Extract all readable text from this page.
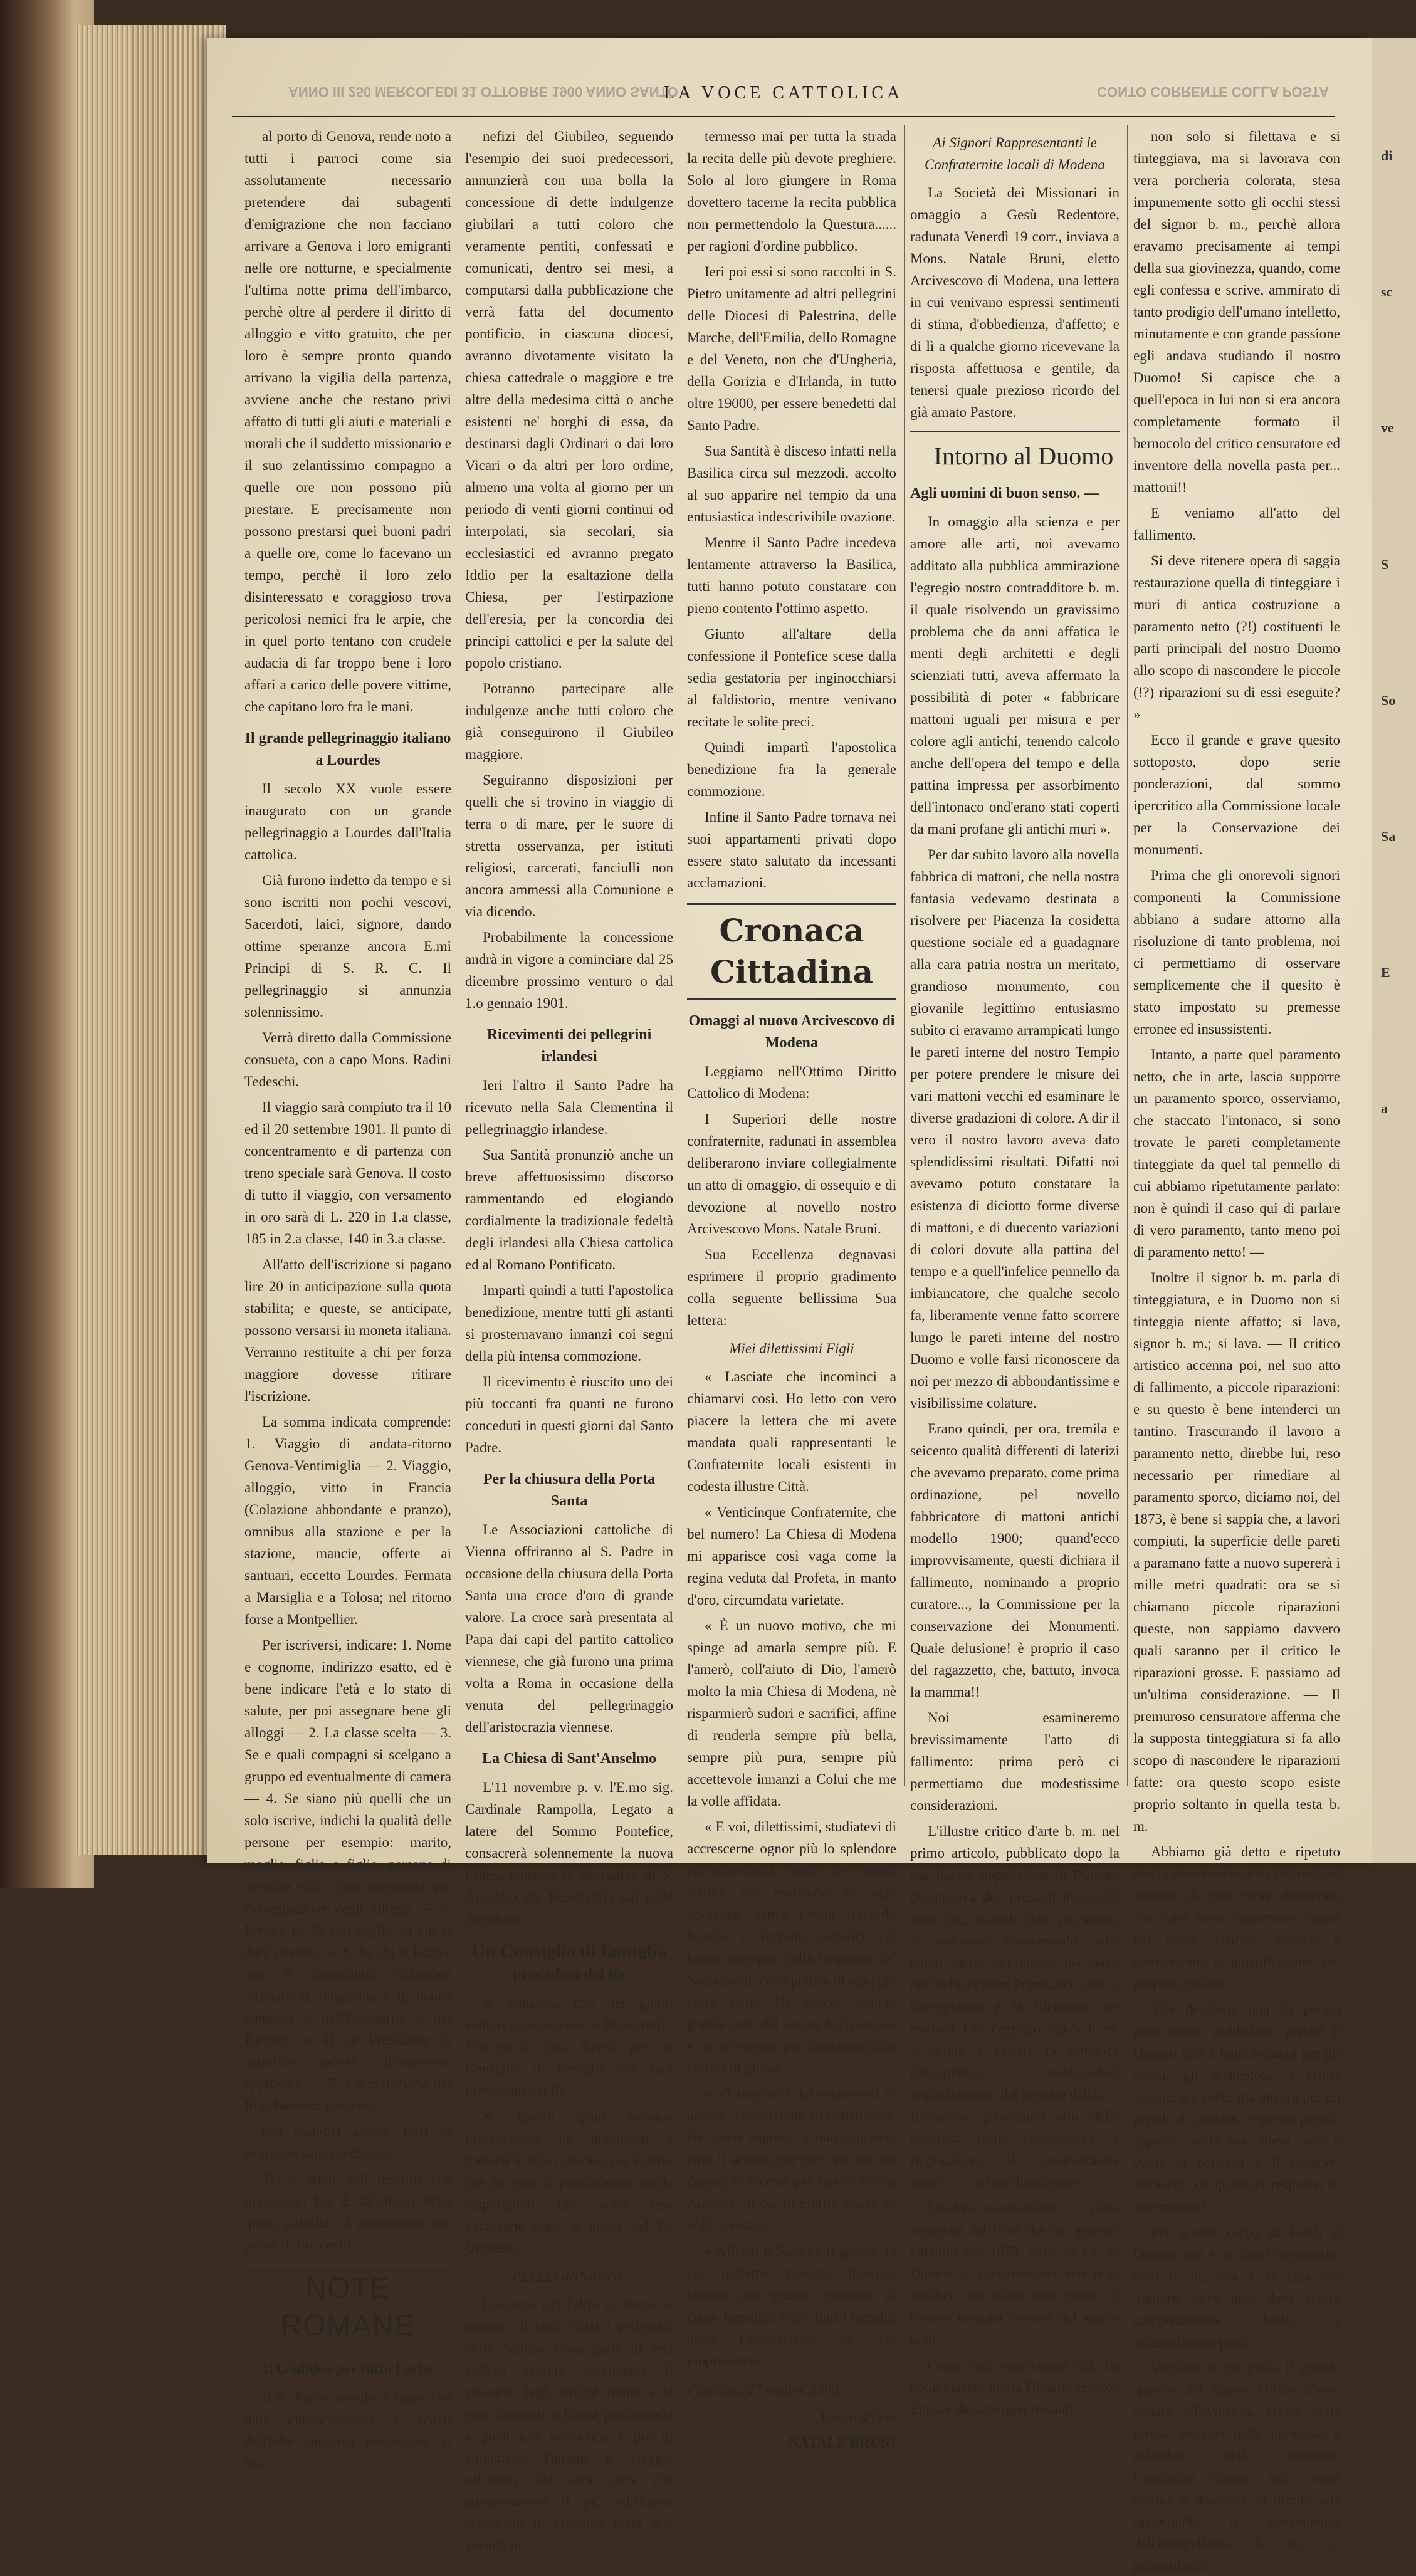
ANNO III 250 MERCOLEDI 31 OTTOBRE 1900 ANNO SANTO
LA VOCE CATTOLICA	CONTO CORRENTE COLLA POSTA

al porto di Genova, rende noto a tutti i parroci come sia assolutamente necessario pretendere dai subagenti d'emigrazione che non facciano arrivare a Genova i loro emigranti nelle ore notturne, e specialmente l'ultima notte prima dell'imbarco, perchè oltre al perdere il diritto di alloggio e vitto gratuito, che per loro è sempre pronto quando arrivano la vigilia della partenza, avviene anche che restano privi affatto di tutti gli aiuti e materiali e morali che il suddetto missionario e il suo zelantissimo compagno a quelle ore non possono più prestare. E precisamente non possono prestarsi quei buoni padri a quelle ore, come lo facevano un tempo, perchè il loro zelo disinteressato e coraggioso trova pericolosi nemici fra le arpie, che in quel porto tentano con crudele audacia di far troppo bene i loro affari a carico delle povere vittime, che capitano loro fra le mani.

Il grande pellegrinaggio italiano a Lourdes

Il secolo XX vuole essere inaugurato con un grande pellegrinaggio a Lourdes dall'Italia cattolica.

Già furono indetto da tempo e si sono iscritti non pochi vescovi, Sacerdoti, laici, signore, dando ottime speranze ancora E.mi Principi di S. R. C. Il pellegrinaggio si annunzia solennissimo.

Verrà diretto dalla Commissione consueta, con a capo Mons. Radini Tedeschi.

Il viaggio sarà compiuto tra il 10 ed il 20 settembre 1901. Il punto di concentramento e di partenza con treno speciale sarà Genova. Il costo di tutto il viaggio, con versamento in oro sarà di L. 220 in 1.a classe, 185 in 2.a classe, 140 in 3.a classe.

All'atto dell'iscrizione si pagano lire 20 in anticipazione sulla quota stabilita; e queste, se anticipate, possono versarsi in moneta italiana. Verranno restituite a chi per forza maggiore dovesse ritirare l'iscrizione.

La somma indicata comprende: 1. Viaggio di andata-ritorno Genova-Ventimiglia — 2. Viaggio, alloggio, vitto in Francia (Colazione abbondante e pranzo), omnibus alla stazione e per la stazione, mancie, offerte ai santuari, eccetto Lourdes. Fermata a Marsiglia e a Tolosa; nel ritorno forse a Montpellier.

Per iscriversi, indicare: 1. Nome e cognome, indirizzo esatto, ed è bene indicare l'età e lo stato di salute, per poi assegnare bene gli alloggi — 2. La classe scelta — 3. Se e quali compagni si scelgano a gruppo ed eventualmente di camera — 4. Se siano più quelli che un solo iscrive, indichi la qualità delle persone per esempio: marito, moglie, figlia o figlio, persone di servizio ecc., cosa necessaria per l'assegnazione degli alloggi — 5. Inviare L. 20 con vaglia, di cui si darà ricevuta — 6. Se chi si iscrive non è conosciuto, richiedesi attestato di religiosità e di buona condotta o dell'Ordinario, o del Parroco, o di un Presidente di cattolica società debitamente approvata — 7. L'accettazione del Regolamento consueto.

Col quindici agosto 1901 le iscrizioni saranno chiuse.

Tra i primi 150 inscritti che invieranno lire 2, all'infuori della quota stabilita, si estrarranno otto premi di lire cento.

NOTE ROMANE

Il Giubileo per tutto l'orbe

Il S. Padre avendo a cuore che tutti indistintamente i fedeli dell'orbe cattolico partecipino ai be-

nefizi del Giubileo, seguendo l'esempio dei suoi predecessori, annunzierà con una bolla la concessione di dette indulgenze giubilari a tutti coloro che veramente pentiti, confessati e comunicati, dentro sei mesi, a computarsi dalla pubblicazione che verrà fatta del documento pontificio, in ciascuna diocesi, avranno divotamente visitato la chiesa cattedrale o maggiore e tre altre della medesima città o anche esistenti ne' borghi di essa, da destinarsi dagli Ordinari o dai loro Vicari o da altri per loro ordine, almeno una volta al giorno per un periodo di venti giorni continui od interpolati, sia secolari, sia ecclesiastici ed avranno pregato Iddio per la esaltazione della Chiesa, per l'estirpazione dell'eresia, per la concordia dei principi cattolici e per la salute del popolo cristiano.

Potranno partecipare alle indulgenze anche tutti coloro che già conseguirono il Giubileo maggiore.

Seguiranno disposizioni per quelli che si trovino in viaggio di terra o di mare, per le suore di stretta osservanza, per istituti religiosi, carcerati, fanciulli non ancora ammessi alla Comunione e via dicendo.

Probabilmente la concessione andrà in vigore a cominciare dal 25 dicembre prossimo venturo o dal 1.o gennaio 1901.

Ricevimenti dei pellegrini irlandesi

Ieri l'altro il Santo Padre ha ricevuto nella Sala Clementina il pellegrinaggio irlandese.

Sua Santità pronunziò anche un breve affettuosissimo discorso rammentando ed elogiando cordialmente la tradizionale fedeltà degli irlandesi alla Chiesa cattolica ed al Romano Pontificato.

Impartì quindi a tutti l'apostolica benedizione, mentre tutti gli astanti si prosternavano innanzi coi segni della più intensa commozione.

Il ricevimento è riuscito uno dei più toccanti fra quanti ne furono conceduti in questi giorni dal Santo Padre.

Per la chiusura della Porta Santa

Le Associazioni cattoliche di Vienna offriranno al S. Padre in occasione della chiusura della Porta Santa una croce d'oro di grande valore. La croce sarà presentata al Papa dai capi del partito cattolico viennese, che già furono una prima volta a Roma in occasione della venuta del pellegrinaggio dell'aristocrazia viennese.

La Chiesa di Sant'Anselmo

L'11 novembre p. v. l'E.mo sig. Cardinale Rampolla, Legato a latere del Sommo Pontefice, consacrerà solennemente la nuova Chiesa annessa al Monastero di S. Anselmo dei Benedettini sul colle Aventino.

Un Consiglio di famiglia

presieduto dal Re

Si annuncia che nei giorni venturi si riuniranno in Roma tutti i Principi di Casa Savoia per un Consiglio di famiglia che sarà presieduto dal Re.

Si ignora quali saranno precisamente gli argomenti a trattarsi in tale riunione, ma è certo che in esso si prenderanno quelle disposizioni che sono rese necessarie dopo la morte del Re Umberto.

PELLEGRINAGGI.

Giunsero ieri l'altro in Roma in numero di circa 6000 i pellegrini della Sabina. Gran parte di essi vollero seguire fedelmente il costume degli antichi romei e si sono condotti a Roma percorrendo a piedi una sessantina e più di chilometri. Durante il viaggio offrirono alle varie terre che attraversarono il più edificante spettacolo di cristiana pietà non avendo in-

termesso mai per tutta la strada la recita delle più devote preghiere. Solo al loro giungere in Roma dovettero tacerne la recita pubblica non permettendolo la Questura...... per ragioni d'ordine pubblico.

Ieri poi essi si sono raccolti in S. Pietro unitamente ad altri pellegrini delle Diocesi di Palestrina, delle Marche, dell'Emilia, dello Romagne e del Veneto, non che d'Ungheria, della Gorizia e d'Irlanda, in tutto oltre 19000, per essere benedetti dal Santo Padre.

Sua Santità è disceso infatti nella Basilica circa sul mezzodì, accolto al suo apparire nel tempio da una entusiastica indescrivibile ovazione.

Mentre il Santo Padre incedeva lentamente attraverso la Basilica, tutti hanno potuto constatare con pieno contento l'ottimo aspetto.

Giunto all'altare della confessione il Pontefice scese dalla sedia gestatoria per inginocchiarsi al faldistorio, mentre venivano recitate le solite preci.

Quindi impartì l'apostolica benedizione fra la generale commozione.

Infine il Santo Padre tornava nei suoi appartamenti privati dopo essere stato salutato da incessanti acclamazioni.

Cronaca Cittadina

Omaggi al nuovo Arcivescovo di Modena

Leggiamo nell'Ottimo Diritto Cattolico di Modena:

I Superiori delle nostre confraternite, radunati in assemblea deliberarono inviare collegialmente un atto di omaggio, di ossequio e di devozione al novello nostro Arcivescovo Mons. Natale Bruni.

Sua Eccellenza degnavasi esprimere il proprio gradimento colla seguente bellissima Sua lettera:

Miei dilettissimi Figli

« Lasciate che incominci a chiamarvi così. Ho letto con vero piacere la lettera che mi avete mandata quali rappresentanti le Confraternite locali esistenti in codesta illustre Città.

« Venticinque Confraternite, che bel numero! La Chiesa di Modena mi apparisce così vaga come la regina veduta dal Profeta, in manto d'oro, circumdata varietate.

« È un nuovo motivo, che mi spinge ad amarla sempre più. E l'amerò, coll'aiuto di Dio, l'amerò molto la mia Chiesa di Modena, nè risparmierò sudori e sacrifici, affine di renderla sempre più bella, sempre più pura, sempre più accettevole innanzi a Colui che me la volle affidata.

« E voi, dilettissimi, studiatevi di accrescerne ognor più lo splendore coll'osservanza esatta dei vostri statuti; col mostrarvi in ogni occasione senza umani riguardi, franchi e ferventi cattolici col buono esempio, colla frequenza de' Sacramenti, colla pratica di ogni più bella virtù. Ne avrete sempre grande lode dal vostro Arcivescovo e ne riceverete poi immarcescibile corona di gloria.

« Vi ringrazio dei sentimenti di unione, venerazione ed obbedienza, che avete espressi a mio riguardo. Non li accetto per me; non ne son degno; li accetto per quella divina Autorità, di cui lo Spirito Santo mi volle rivestire.

« Affretti il Signore il giorno, in cui potremo trovarci insieme. Intanto con grande effusione di cuore benedico voi e tutti i membri delle Confraternite da voi rappresentate.

Piacenza, 27 ottobre 1900.

Vostro aff.mo

NATALE BRUNI

Ai Signori Rappresentanti le Confraternite locali di Modena

La Società dei Missionari in omaggio a Gesù Redentore, radunata Venerdì 19 corr., inviava a Mons. Natale Bruni, eletto Arcivescovo di Modena, una lettera in cui venivano espressi sentimenti di stima, d'obbedienza, d'affetto; e di lì a qualche giorno ricevevane la risposta affettuosa e gentile, da tenersi quale prezioso ricordo del già amato Pastore.

Intorno al Duomo

Agli uomini di buon senso. —

In omaggio alla scienza e per amore alle arti, noi avevamo additato alla pubblica ammirazione l'egregio nostro contradditore b. m. il quale risolvendo un gravissimo problema che da anni affatica le menti degli architetti e degli scienziati tutti, aveva affermato la possibilità di poter « fabbricare mattoni uguali per misura e per colore agli antichi, tenendo calcolo anche dell'opera del tempo e della pattina impressa per assorbimento dell'intonaco ond'erano stati coperti da mani profane gli antichi muri ».

Per dar subito lavoro alla novella fabbrica di mattoni, che nella nostra fantasia vedevamo destinata a risolvere per Piacenza la cosidetta questione sociale ed a guadagnare alla cara patria nostra un meritato, grandioso monumento, con giovanile legittimo entusiasmo subito ci eravamo arrampicati lungo le pareti interne del nostro Tempio per potere prendere le misure dei vari mattoni vecchi ed esaminare le diverse gradazioni di colore. A dir il vero il nostro lavoro aveva dato splendidissimi risultati. Difatti noi avevamo potuto constatare la esistenza di diciotto forme diverse di mattoni, e di duecento variazioni di colori dovute alla pattina del tempo e a quell'infelice pennello da imbiancatore, che qualche secolo fa, liberamente venne fatto scorrere lungo le pareti interne del nostro Duomo e volle farsi riconoscere da noi per mezzo di abbondantissime e visibilissime colature.

Erano quindi, per ora, tremila e seicento qualità differenti di laterizi che avevamo preparato, come prima ordinazione, pel novello fabbricatore di mattoni antichi modello 1900; quand'ecco improvvisamente, questi dichiara il fallimento, nominando a proprio curatore..., la Commissione per la conservazione dei Monumenti. Quale delusione! è proprio il caso del ragazzetto, che, battuto, invoca la mamma!!

Noi esamineremo brevissimamente l'atto di fallimento: prima però ci permettiamo due modestissime considerazioni.

L'illustre critico d'arte b. m. nel primo articolo, pubblicato dopo la sua fugace apparizione in Duomo, denunciava due presunti inconsulti reati, che, secondo l'alto suo senno, si andavano consumando sulle pareti interne del tempio, per mano dell'imbiancatore Pramsanci, cioè la tinteggiatura e la filettatura dei mattoni. Ora l'egregio signor b. m. si limita a parlare di semplice tinteggiatura, assolvendoci implicitamente dal peccato della...... filettatura: prendiamo atto della generosa tacita resipiscenza, e ringraziamo il contradditore nostro...... del suo buon cuore.

Un'altra osservazione ci viene suggerita dal fatto che nei giornali cittadini del 1873, anno in cui in Duomo si consumavano veri reati artistici, non siamo stati capaci di trovare nessuna censura del signor b. m.

Come mai osserviamo noi, ha potuto tacere allora l'illustre critico? Eppure durante quei restauri

non solo si filettava e si tinteggiava, ma si lavorava con vera porcheria colorata, stesa impunemente sotto gli occhi stessi del signor b. m., perchè allora eravamo precisamente ai tempi della sua giovinezza, quando, come egli confessa e scrive, ammirato di tanto prodigio dell'umano intelletto, minutamente e con grande passione egli andava studiando il nostro Duomo! Si capisce che a quell'epoca in lui non si era ancora completamente formato il bernocolo del critico censuratore ed inventore della novella pasta per... mattoni!!

E veniamo all'atto del fallimento.

Si deve ritenere opera di saggia restaurazione quella di tinteggiare i muri di antica costruzione a paramento netto (?!) costituenti le parti principali del nostro Duomo allo scopo di nascondere le piccole (!?) riparazioni su di essi eseguite? »

Ecco il grande e grave quesito sottoposto, dopo serie ponderazioni, dal sommo ipercritico alla Commissione locale per la Conservazione dei monumenti.

Prima che gli onorevoli signori componenti la Commissione abbiano a sudare attorno alla risoluzione di tanto problema, noi ci permettiamo di osservare semplicemente che il quesito è stato impostato su premesse erronee ed insussistenti.

Intanto, a parte quel paramento netto, che in arte, lascia supporre un paramento sporco, osserviamo, che staccato l'intonaco, si sono trovate le pareti completamente tinteggiate da quel tal pennello di cui abbiamo ripetutamente parlato: non è quindi il caso qui di parlare di vero paramento, tanto meno poi di paramento netto! —

Inoltre il signor b. m. parla di tinteggiatura, e in Duomo non si tinteggia niente affatto; si lava, signor b. m.; si lava. — Il critico artistico accenna poi, nel suo atto di fallimento, a piccole riparazioni: e su questo è bene intenderci un tantino. Trascurando il lavoro a paramento netto, direbbe lui, reso necessario per rimediare al paramento sporco, diciamo noi, del 1873, è bene si sappia che, a lavori compiuti, la superficie delle pareti a paramano fatte a nuovo supererà i mille metri quadrati: ora se si chiamano piccole riparazioni queste, non sappiamo davvero quali saranno per il critico le riparazioni grosse. E passiamo ad un'ultima considerazione. — Il premuroso censuratore afferma che la supposta tinteggiatura si fa allo scopo di nascondere le riparazioni fatte: ora questo scopo esiste proprio soltanto in quella testa b. m.

Abbiamo già detto e ripetuto che la direzione tecnica dei restauri avrebbe di gran cuore desiderato che tutto fosse conservato intatto per avere, visibile, perenne e convincente, la giustificazione del proprio operato.

Tale desiderio non ha potuto però essere soddisfatto perchè il Duomo non è fatto soltanto per gli artisti, gli archeologi, i critici artistici e i poeti, ma ancora per un popolo di credenti: e questo popolo appunto, nella sua chiesa, ama e vuole la bellezza e il candore, astraendo da qualsiasi responso di supernumini.

Per questo corpo di fedeli il Duomo non è un forno crematorio, caro b. m., ma è la casa del Signore, dove tutto deve essere completamente bello e celestialmente puro.

Vagliato in tal guisa il grande quesito del signor critico d'arte, appare all'evidenza, errato nella forma, erroneo nelle premesse e infondato nella sostanza. Constatato questo, noi, senza entrare a discutere in merito alla opportunità o convenienza dell'interpellanza b. m., ci permettiamo

di
sc
ve
S
So
Sa
E
a
